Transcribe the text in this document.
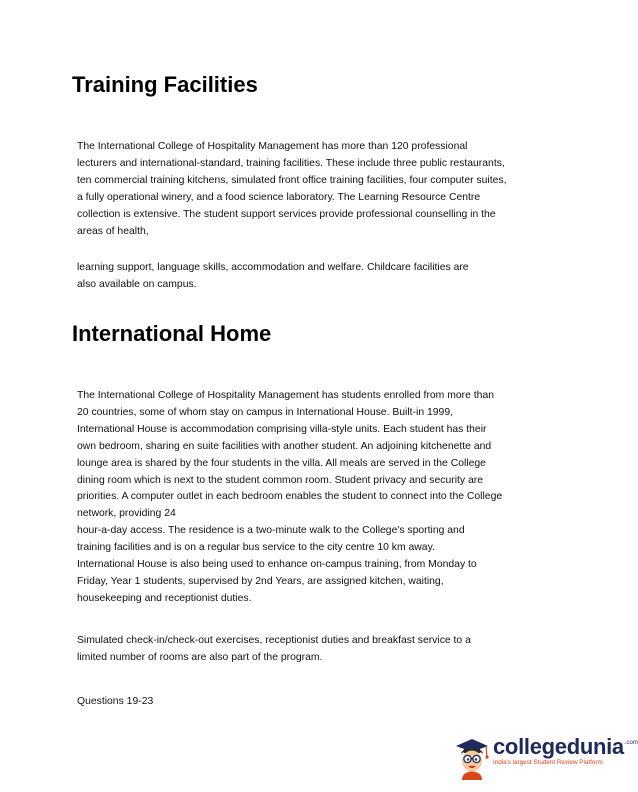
Training Facilities
The International College of Hospitality Management has more than 120 professional
lecturers and international-standard, training facilities. These include three public restaurants,
ten commercial training kitchens, simulated front office training facilities, four computer suites,
a fully operational winery, and a food science laboratory. The Learning Resource Centre
collection is extensive. The student support services provide professional counselling in the
areas of health,
learning support, language skills, accommodation and welfare. Childcare facilities are
also available on campus.
International Home
The International College of Hospitality Management has students enrolled from more than
20 countries, some of whom stay on campus in International House. Built-in 1999,
International House is accommodation comprising villa-style units. Each student has their
own bedroom, sharing en suite facilities with another student. An adjoining kitchenette and
lounge area is shared by the four students in the villa. All meals are served in the College
dining room which is next to the student common room. Student privacy and security are
priorities. A computer outlet in each bedroom enables the student to connect into the College
network, providing 24
hour-a-day access. The residence is a two-minute walk to the College's sporting and
training facilities and is on a regular bus service to the city centre 10 km away.
International House is also being used to enhance on-campus training, from Monday to
Friday, Year 1 students, supervised by 2nd Years, are assigned kitchen, waiting,
housekeeping and receptionist duties.
Simulated check-in/check-out exercises, receptionist duties and breakfast service to a
limited number of rooms are also part of the program.
Questions 19-23
collegedunia$^{.com}$
India's largest Student Review Platform
